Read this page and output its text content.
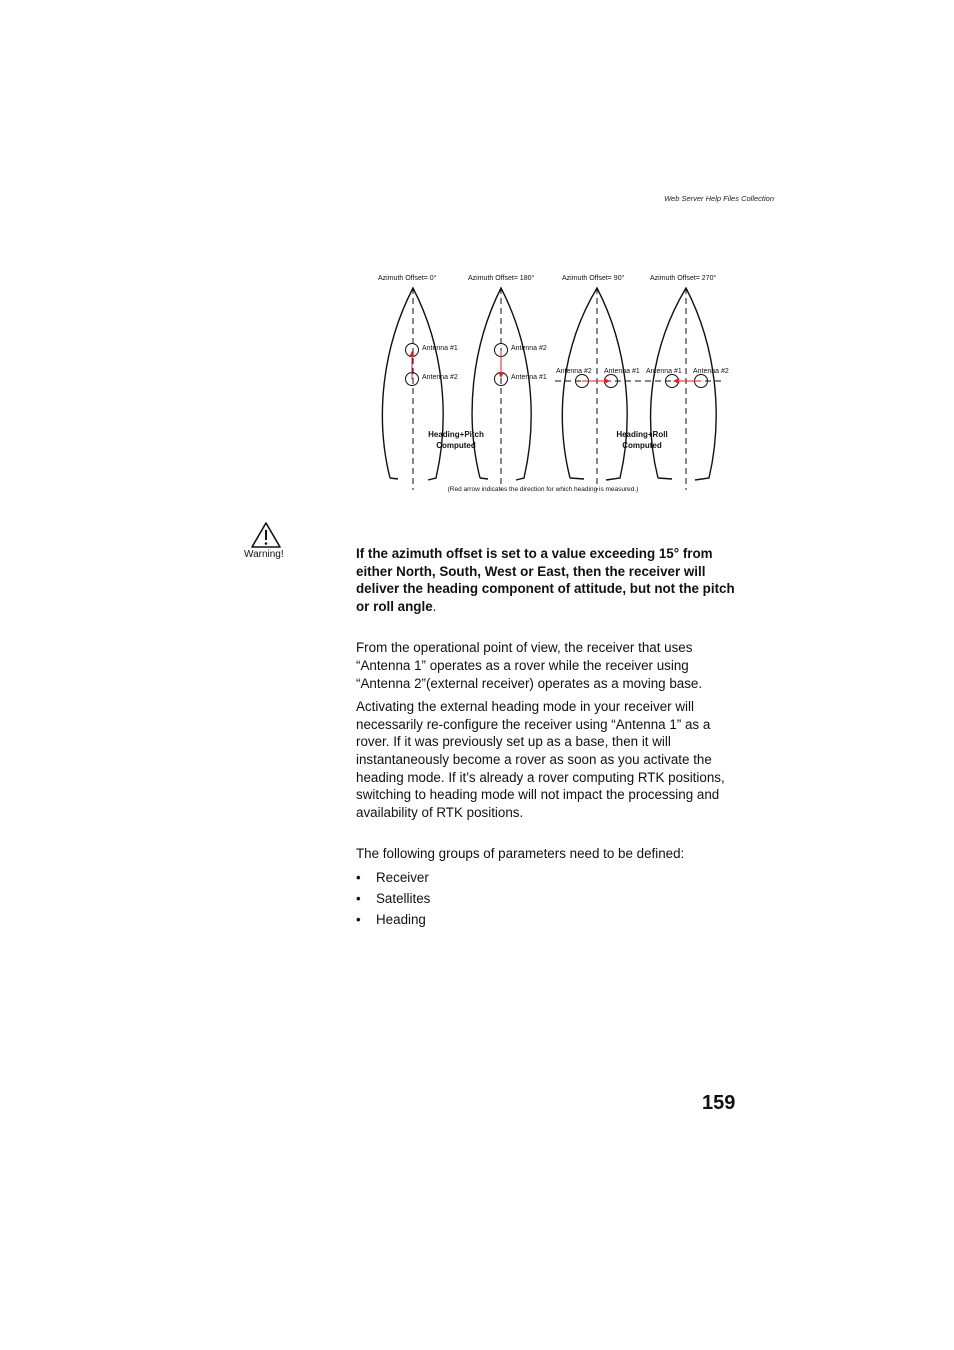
Web Server Help Files Collection
Azimuth Offset= 0°	Azimuth Offset= 180°	Azimuth Offset= 90°	Azimuth Offset= 270°
Antenna #1
Antenna #2
Antenna #2
Antenna #1
Antenna #2 Antenna #1 Antenna #1 Antenna #2
Heading+Pitch
Computed
Heading+Roll
Computed
(Red arrow indicates the direction for which heading is measured.)
Warning!	If the azimuth offset is set to a value exceeding 15° from either North, South, West or East, then the receiver will deliver the heading component of attitude, but not the pitch or roll angle.

From the operational point of view, the receiver that uses “Antenna 1” operates as a rover while the receiver using “Antenna 2”(external receiver) operates as a moving base.

Activating the external heading mode in your receiver will necessarily re-configure the receiver using “Antenna 1” as a rover. If it was previously set up as a base, then it will instantaneously become a rover as soon as you activate the heading mode. If it’s already a rover computing RTK positions, switching to heading mode will not impact the processing and availability of RTK positions.

The following groups of parameters need to be defined:

• Receiver
• Satellites
• Heading
159
